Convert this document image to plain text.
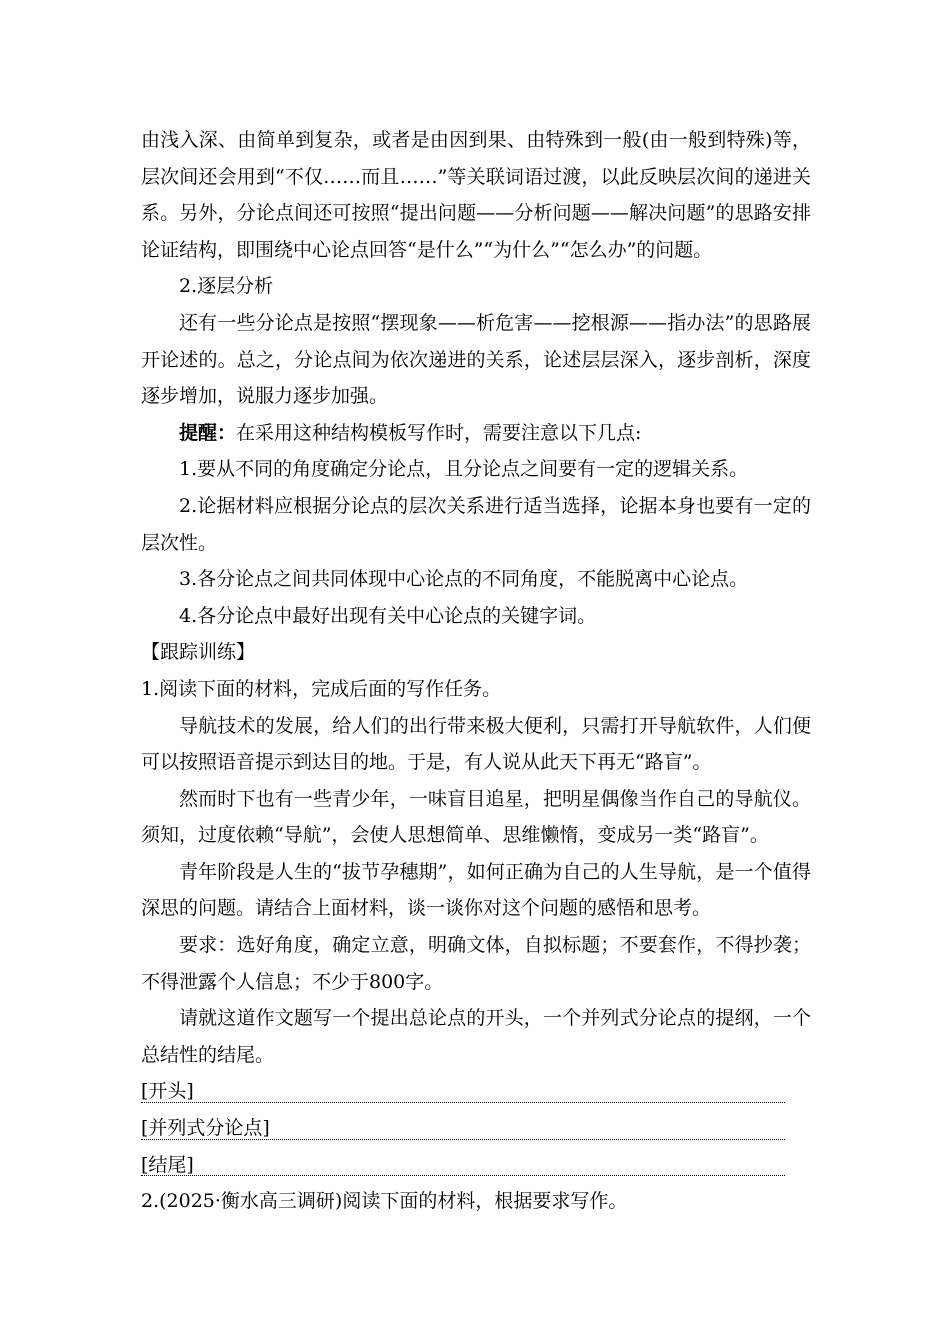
由浅入深、由简单到复杂，或者是由因到果、由特殊到一般(由一般到特殊)等，层次间还会用到“不仅……而且……”等关联词语过渡，以此反映层次间的递进关系。另外，分论点间还可按照“提出问题——分析问题——解决问题”的思路安排论证结构，即围绕中心论点回答“是什么”“为什么”“怎么办”的问题。

2.逐层分析

还有一些分论点是按照“摆现象——析危害——挖根源——指办法”的思路展开论述的。总之，分论点间为依次递进的关系，论述层层深入，逐步剖析，深度逐步增加，说服力逐步加强。

提醒：在采用这种结构模板写作时，需要注意以下几点:

1.要从不同的角度确定分论点，且分论点之间要有一定的逻辑关系。

2.论据材料应根据分论点的层次关系进行适当选择，论据本身也要有一定的层次性。

3.各分论点之间共同体现中心论点的不同角度，不能脱离中心论点。

4.各分论点中最好出现有关中心论点的关键字词。

【跟踪训练】

1.阅读下面的材料，完成后面的写作任务。

导航技术的发展，给人们的出行带来极大便利，只需打开导航软件，人们便可以按照语音提示到达目的地。于是，有人说从此天下再无“路盲”。

然而时下也有一些青少年，一味盲目追星，把明星偶像当作自己的导航仪。须知，过度依赖“导航”，会使人思想简单、思维懒惰，变成另一类“路盲”。

青年阶段是人生的“拔节孕穗期”，如何正确为自己的人生导航，是一个值得深思的问题。请结合上面材料，谈一谈你对这个问题的感悟和思考。

要求：选好角度，确定立意，明确文体，自拟标题；不要套作，不得抄袭；不得泄露个人信息；不少于800字。

请就这道作文题写一个提出总论点的开头，一个并列式分论点的提纲，一个总结性的结尾。

[开头]
[并列式分论点]
[结尾]

2.(2025·衡水高三调研)阅读下面的材料，根据要求写作。
